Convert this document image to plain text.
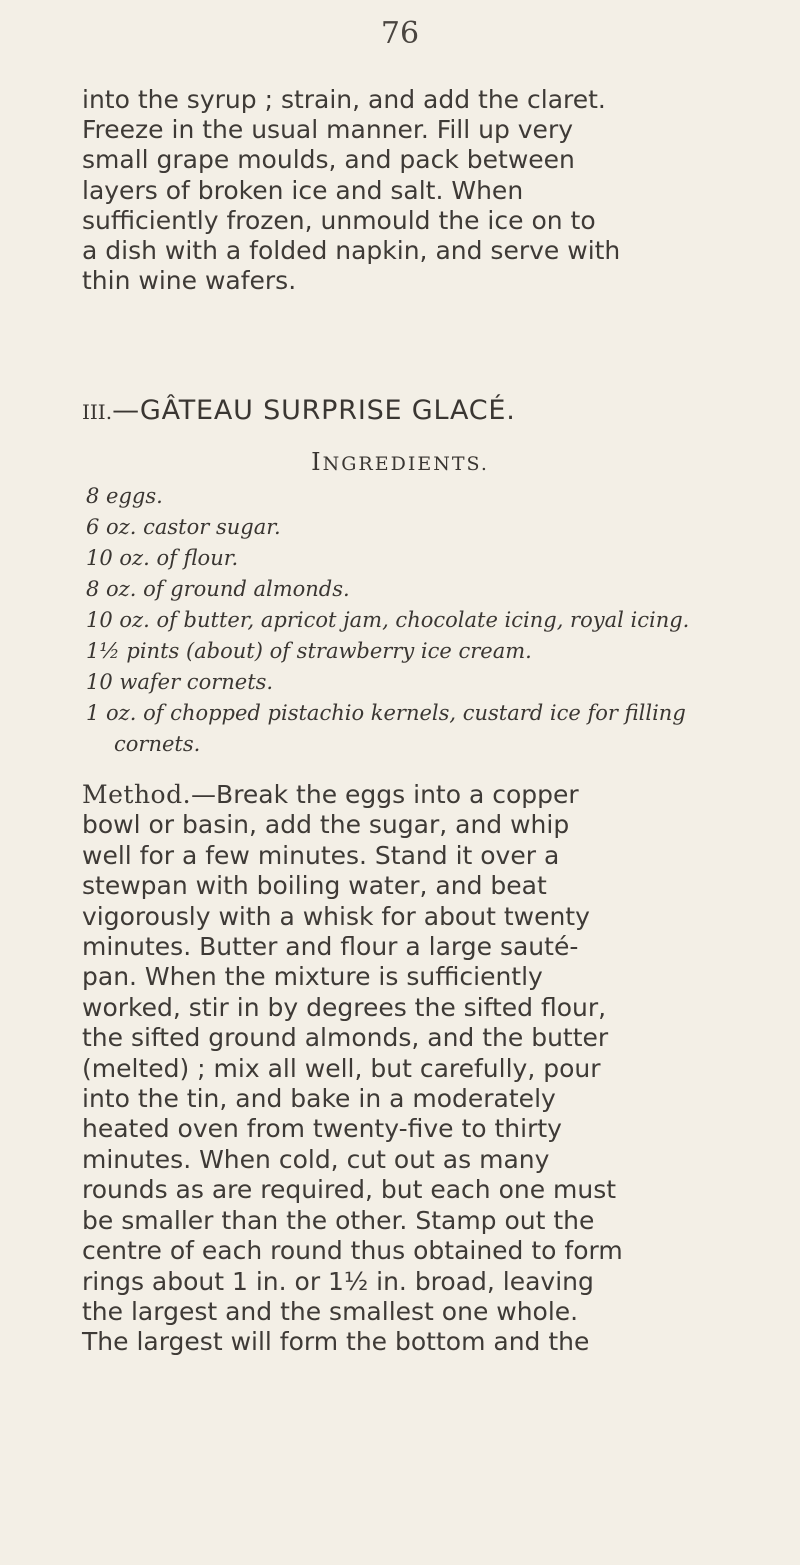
76
into the syrup ; strain, and add the claret.
Freeze in the usual manner. Fill up very
small grape moulds, and pack between
layers of broken ice and salt. When
sufficiently frozen, unmould the ice on to
a dish with a folded napkin, and serve with
thin wine wafers.
III.—GÂTEAU SURPRISE GLACÉ.
INGREDIENTS.
8 eggs.
6 oz. castor sugar.
10 oz. of flour.
8 oz. of ground almonds.
10 oz. of butter, apricot jam, chocolate icing, royal icing.
1½ pints (about) of strawberry ice cream.
10 wafer cornets.
1 oz. of chopped pistachio kernels, custard ice for filling cornets.
Method.—Break the eggs into a copper
bowl or basin, add the sugar, and whip
well for a few minutes. Stand it over a
stewpan with boiling water, and beat
vigorously with a whisk for about twenty
minutes. Butter and flour a large sauté-
pan. When the mixture is sufficiently
worked, stir in by degrees the sifted flour,
the sifted ground almonds, and the butter
(melted) ; mix all well, but carefully, pour
into the tin, and bake in a moderately
heated oven from twenty-five to thirty
minutes. When cold, cut out as many
rounds as are required, but each one must
be smaller than the other. Stamp out the
centre of each round thus obtained to form
rings about 1 in. or 1½ in. broad, leaving
the largest and the smallest one whole.
The largest will form the bottom and the
